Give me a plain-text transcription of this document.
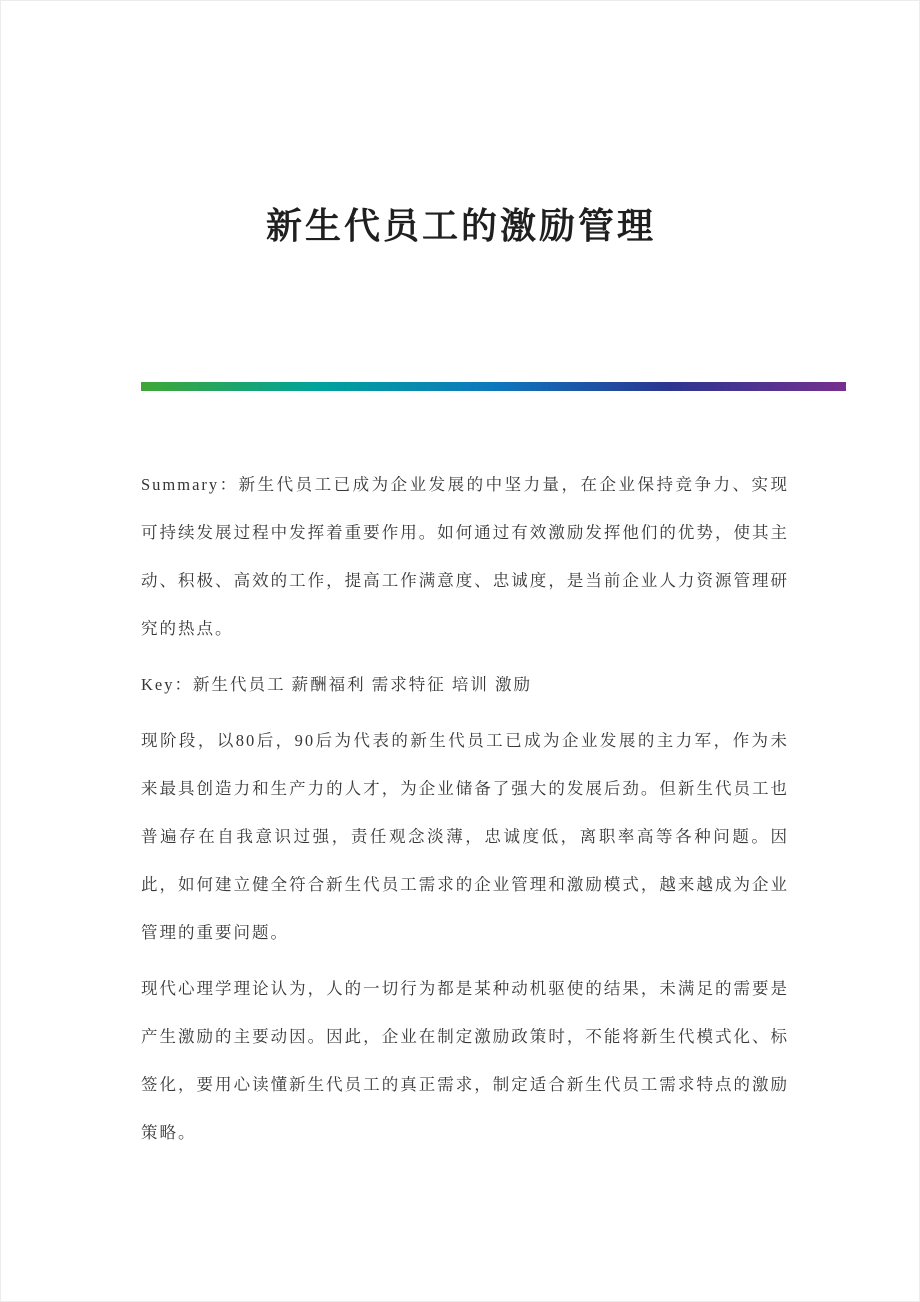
新生代员工的激励管理

Summary：新生代员工已成为企业发展的中坚力量，在企业保持竞争力、实现可持续发展过程中发挥着重要作用。如何通过有效激励发挥他们的优势，使其主动、积极、高效的工作，提高工作满意度、忠诚度，是当前企业人力资源管理研究的热点。

Key：新生代员工 薪酬福利 需求特征 培训 激励

现阶段，以80后，90后为代表的新生代员工已成为企业发展的主力军，作为未来最具创造力和生产力的人才，为企业储备了强大的发展后劲。但新生代员工也普遍存在自我意识过强，责任观念淡薄，忠诚度低，离职率高等各种问题。因此，如何建立健全符合新生代员工需求的企业管理和激励模式，越来越成为企业管理的重要问题。

现代心理学理论认为，人的一切行为都是某种动机驱使的结果，未满足的需要是产生激励的主要动因。因此，企业在制定激励政策时，不能将新生代模式化、标签化，要用心读懂新生代员工的真正需求，制定适合新生代员工需求特点的激励策略。
